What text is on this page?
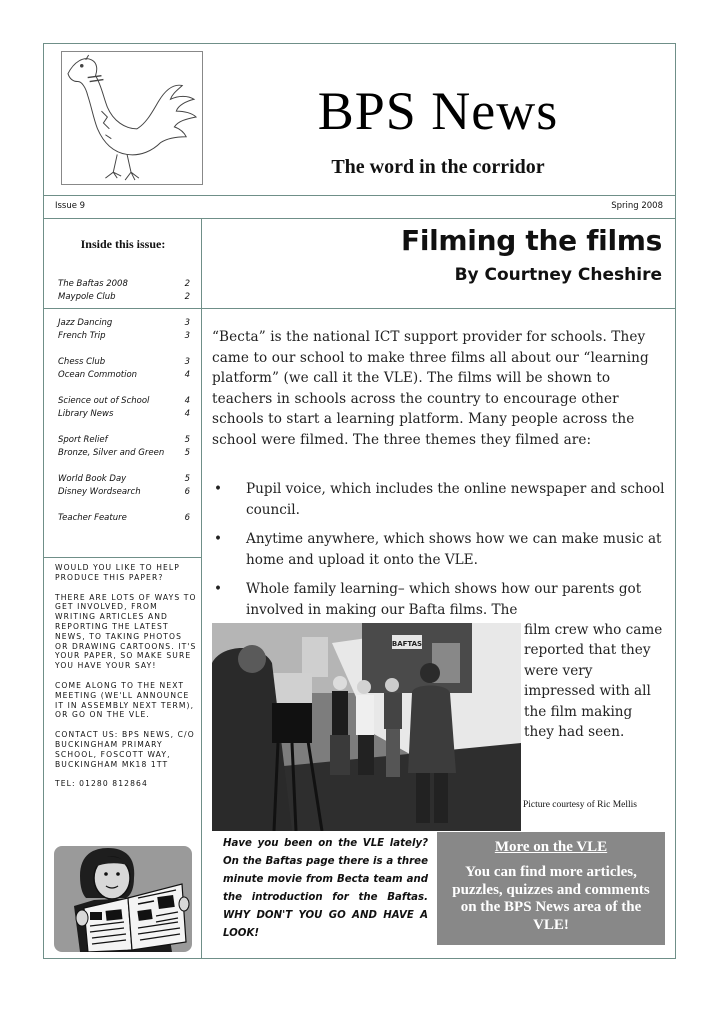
BPS News
The word in the corridor
Issue 9	Spring 2008
Inside this issue:
The Baftas 2008	2
Maypole Club	2
Jazz Dancing	3
French Trip	3
Chess Club	3
Ocean Commotion	4
Science out of School	4
Library News	4
Sport Relief	5
Bronze, Silver and Green 5
World Book Day	5
Disney Wordsearch	6
Teacher Feature	6

WOULD YOU LIKE TO HELP PRODUCE THIS PAPER?

THERE ARE LOTS OF WAYS TO GET INVOLVED, FROM WRITING ARTICLES AND REPORTING THE LATEST NEWS, TO TAKING PHOTOS OR DRAWING CARTOONS. IT'S YOUR PAPER, SO MAKE SURE YOU HAVE YOUR SAY!

COME ALONG TO THE NEXT MEETING (WE'LL ANNOUNCE IT IN ASSEMBLY NEXT TERM), OR GO ON THE VLE.

CONTACT US: BPS NEWS, C/O BUCKINGHAM PRIMARY SCHOOL, FOSCOTT WAY, BUCKINGHAM MK18 1TT

TEL: 01280 812864

Filming the films
By Courtney Cheshire

“Becta” is the national ICT support provider for schools. They came to our school to make three films all about our “learning platform” (we call it the VLE). The films will be shown to teachers in schools across the country to encourage other schools to start a learning platform. Many people across the school were filmed. The three themes they filmed are:

• Pupil voice, which includes the online newspaper and school council.
• Anytime anywhere, which shows how we can make music at home and upload it onto the VLE.
• Whole family learning– which shows how our parents got involved in making our Bafta films. The
BAFTAS

film crew who came reported that they were very impressed with all the film making they had seen.

Picture courtesy of Ric Mellis

Have you been on the VLE lately? On the Baftas page there is a three minute movie from Becta team and the introduction for the Baftas. WHY DON'T YOU GO AND HAVE A LOOK!

More on the VLE
You can find more articles, puzzles, quizzes and comments on the BPS News area of the VLE!
